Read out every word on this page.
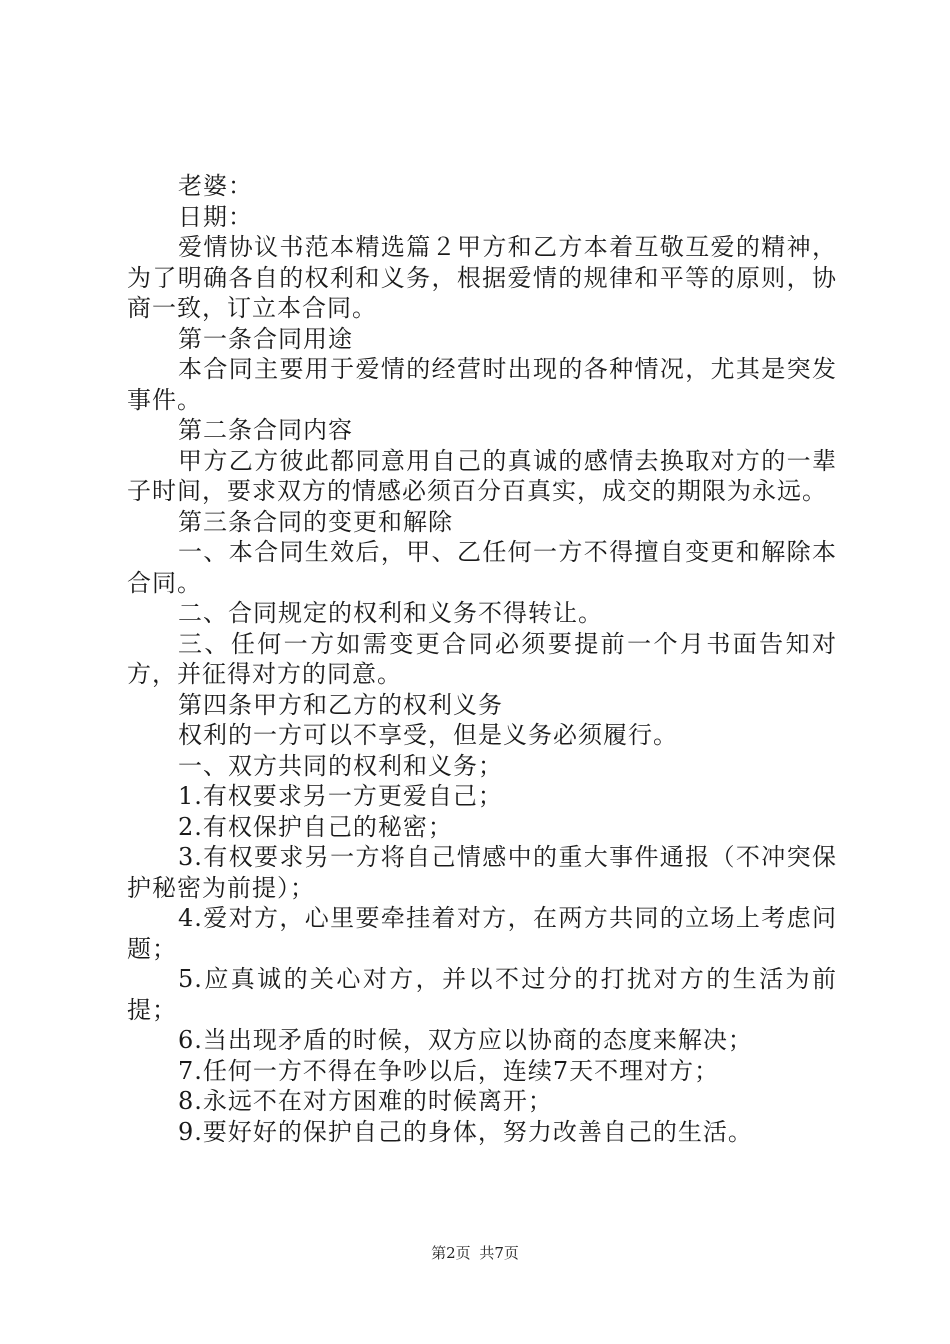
老婆：

日期：

爱情协议书范本精选篇２甲方和乙方本着互敬互爱的精神，为了明确各自的权利和义务，根据爱情的规律和平等的原则，协商一致，订立本合同。

第一条合同用途

本合同主要用于爱情的经营时出现的各种情况，尤其是突发事件。

第二条合同内容

甲方乙方彼此都同意用自己的真诚的感情去换取对方的一辈子时间，要求双方的情感必须百分百真实，成交的期限为永远。

第三条合同的变更和解除

一、本合同生效后，甲、乙任何一方不得擅自变更和解除本合同。

二、合同规定的权利和义务不得转让。

三、任何一方如需变更合同必须要提前一个月书面告知对方，并征得对方的同意。

第四条甲方和乙方的权利义务

权利的一方可以不享受，但是义务必须履行。

一、双方共同的权利和义务；

1.有权要求另一方更爱自己；

2.有权保护自己的秘密；

3.有权要求另一方将自己情感中的重大事件通报（不冲突保护秘密为前提）；

4.爱对方，心里要牵挂着对方，在两方共同的立场上考虑问题；

5.应真诚的关心对方，并以不过分的打扰对方的生活为前提；

6.当出现矛盾的时候，双方应以协商的态度来解决；

7.任何一方不得在争吵以后，连续7天不理对方；

8.永远不在对方困难的时候离开；

9.要好好的保护自己的身体，努力改善自己的生活。

第2页 共7页
